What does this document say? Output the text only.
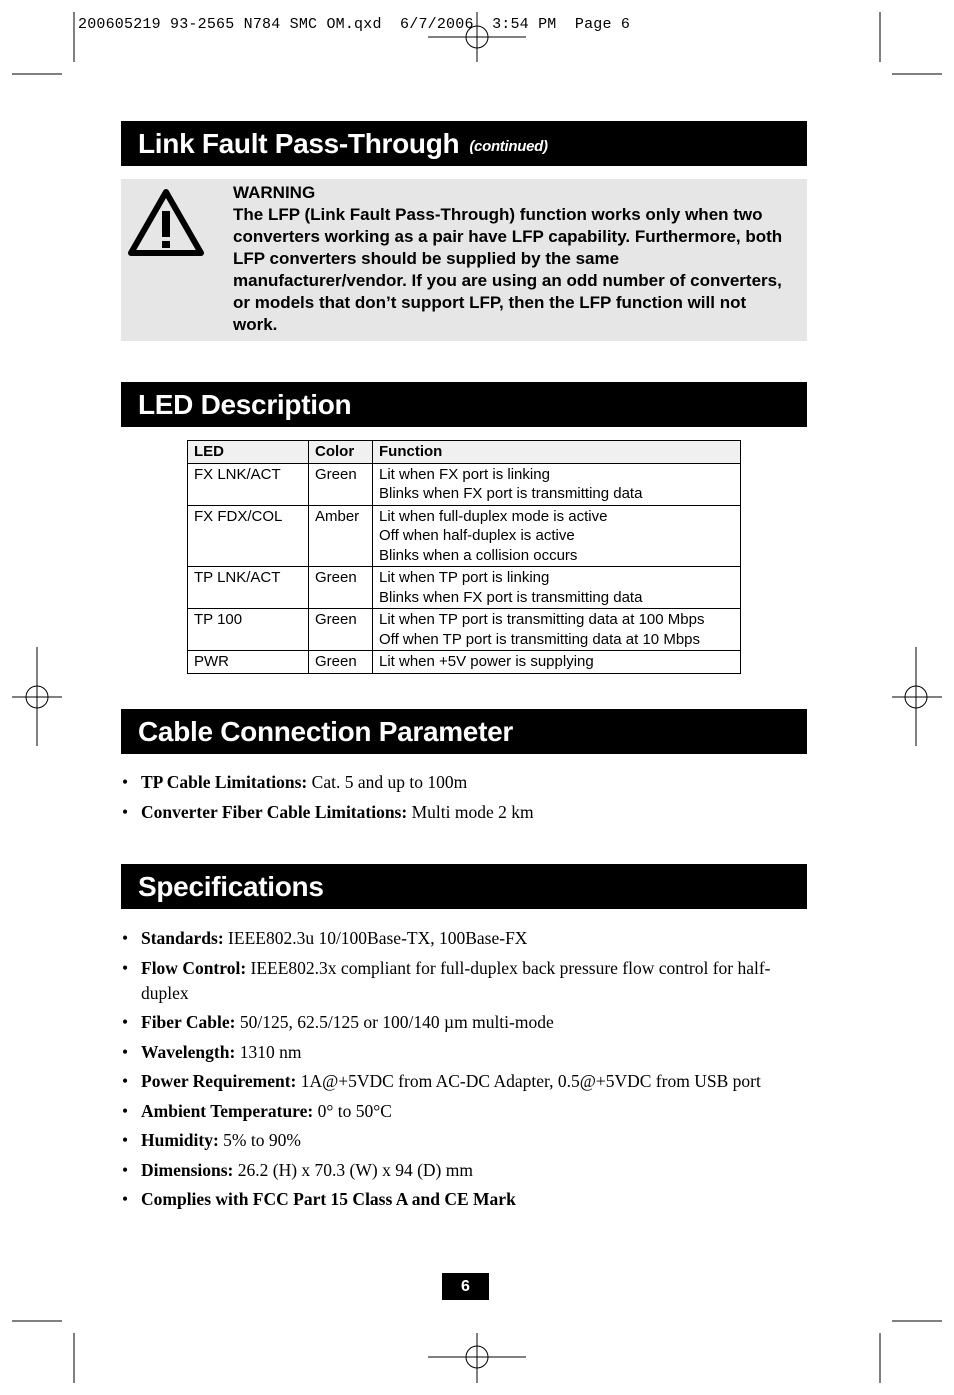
200605219 93-2565 N784 SMC OM.qxd  6/7/2006  3:54 PM  Page 6
Link Fault Pass-Through (continued)
WARNING
The LFP (Link Fault Pass-Through) function works only when two converters working as a pair have LFP capability. Furthermore, both LFP converters should be supplied by the same manufacturer/vendor. If you are using an odd number of converters, or models that don’t support LFP, then the LFP function will not work.
LED Description
LED	Color	Function
FX LNK/ACT	Green	Lit when FX port is linking
Blinks when FX port is transmitting data

FX FDX/COL	Amber	Lit when full-duplex mode is active
Off when half-duplex is active
Blinks when a collision occurs

TP LNK/ACT	Green	Lit when TP port is linking
Blinks when FX port is transmitting data

TP 100	Green	Lit when TP port is transmitting data at 100 Mbps
Off when TP port is transmitting data at 10 Mbps

PWR	Green	Lit when +5V power is supplying
Cable Connection Parameter
• TP Cable Limitations: Cat. 5 and up to 100m
• Converter Fiber Cable Limitations: Multi mode 2 km
Specifications
• Standards: IEEE802.3u 10/100Base-TX, 100Base-FX
• Flow Control: IEEE802.3x compliant for full-duplex back pressure flow control for half-duplex
• Fiber Cable: 50/125, 62.5/125 or 100/140 µm multi-mode
• Wavelength: 1310 nm
• Power Requirement: 1A@+5VDC from AC-DC Adapter, 0.5@+5VDC from USB port
• Ambient Temperature: 0° to 50°C
• Humidity: 5% to 90%
• Dimensions: 26.2 (H) x 70.3 (W) x 94 (D) mm
• Complies with FCC Part 15 Class A and CE Mark
6
